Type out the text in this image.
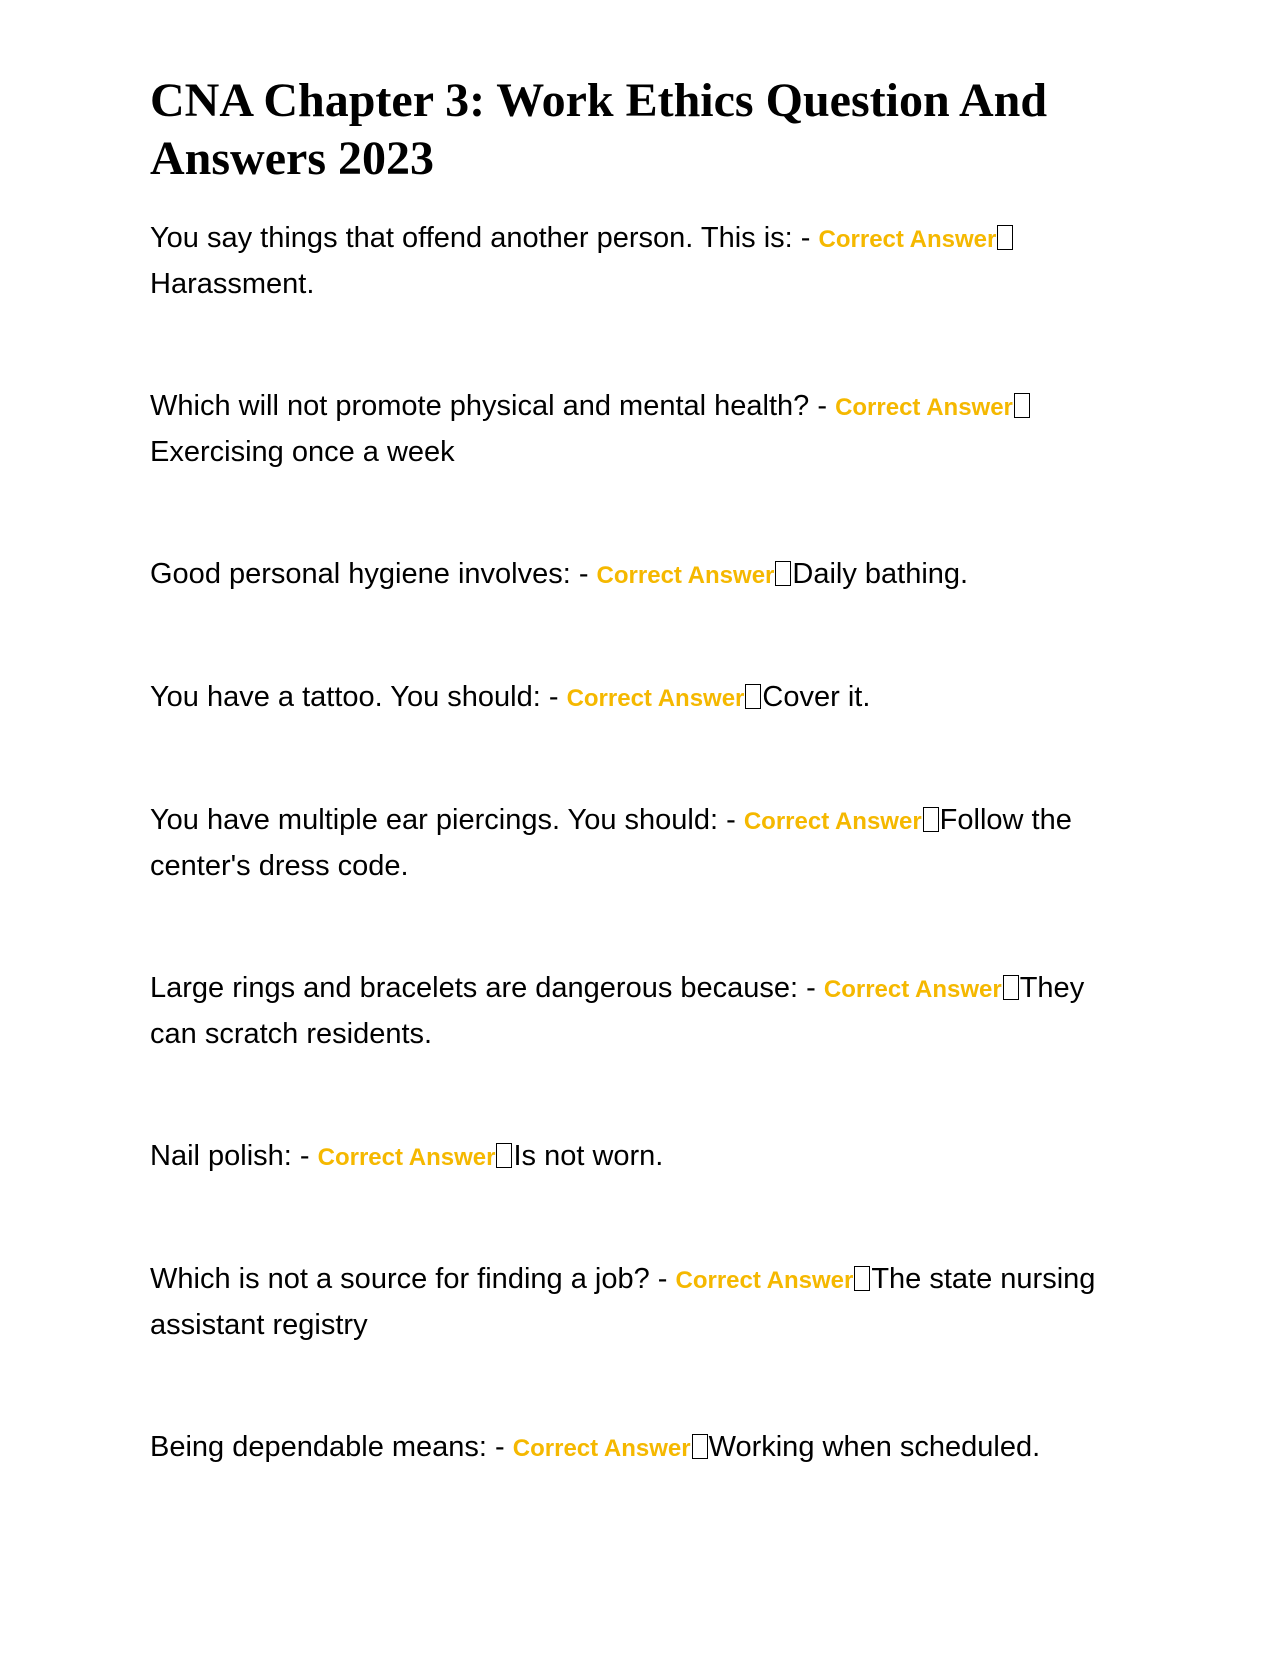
CNA Chapter 3: Work Ethics Question And Answers 2023
You say things that offend another person. This is: - Correct AnswerHarassment.
Which will not promote physical and mental health? - Correct AnswerExercising once a week
Good personal hygiene involves: - Correct Answer Daily bathing.
You have a tattoo. You should: - Correct Answer Cover it.
You have multiple ear piercings. You should: - Correct Answer Follow the center's dress code.
Large rings and bracelets are dangerous because: - Correct Answer They can scratch residents.
Nail polish: - Correct Answer Is not worn.
Which is not a source for finding a job? - Correct Answer The state nursing assistant registry
Being dependable means: - Correct Answer Working when scheduled.
